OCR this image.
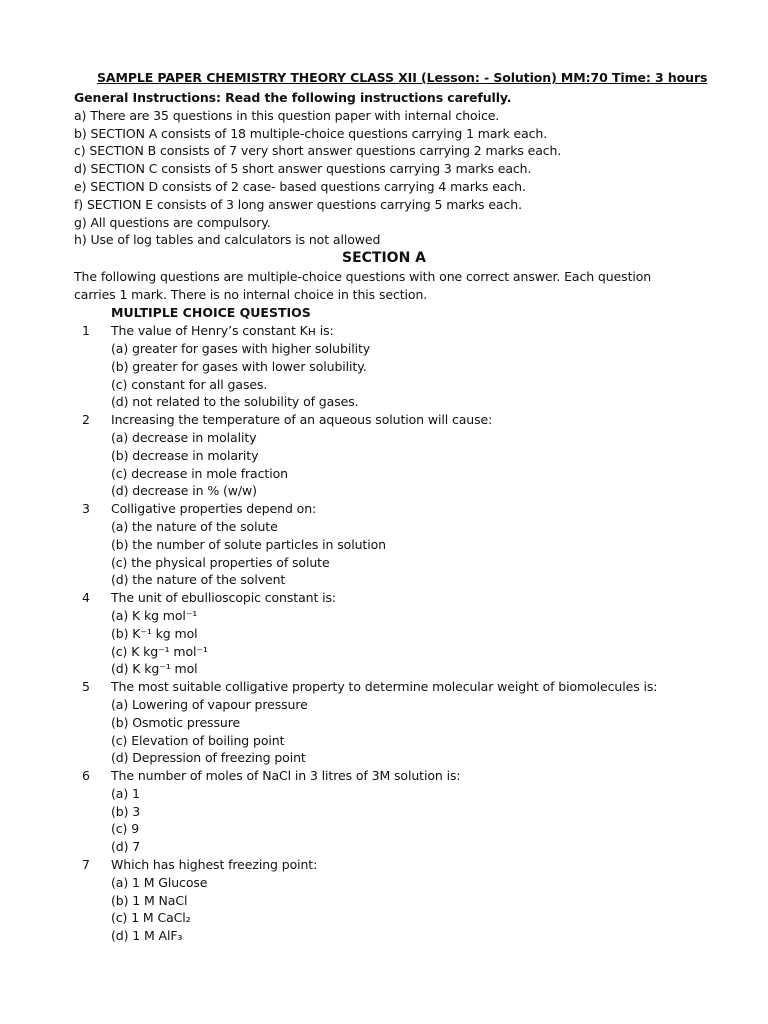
SAMPLE PAPER CHEMISTRY THEORY CLASS XII (Lesson: - Solution) MM:70 Time: 3 hours
General Instructions: Read the following instructions carefully.
a) There are 35 questions in this question paper with internal choice.
b) SECTION A consists of 18 multiple-choice questions carrying 1 mark each.
c) SECTION B consists of 7 very short answer questions carrying 2 marks each.
d) SECTION C consists of 5 short answer questions carrying 3 marks each.
e) SECTION D consists of 2 case- based questions carrying 4 marks each.
f) SECTION E consists of 3 long answer questions carrying 5 marks each.
g) All questions are compulsory.
h) Use of log tables and calculators is not allowed
SECTION A
The following questions are multiple-choice questions with one correct answer. Each question carries 1 mark. There is no internal choice in this section.
MULTIPLE CHOICE QUESTIOS
1	The value of Henry’s constant Kʜ is:
(a) greater for gases with higher solubility
(b) greater for gases with lower solubility.
(c) constant for all gases.
(d) not related to the solubility of gases.
2	Increasing the temperature of an aqueous solution will cause:
(a) decrease in molality
(b) decrease in molarity
(c) decrease in mole fraction
(d) decrease in % (w/w)
3	Colligative properties depend on:
(a) the nature of the solute
(b) the number of solute particles in solution
(c) the physical properties of solute
(d) the nature of the solvent
4	The unit of ebullioscopic constant is:
(a) K kg mol⁻¹
(b) K⁻¹ kg mol
(c) K kg⁻¹ mol⁻¹
(d) K kg⁻¹ mol
5	The most suitable colligative property to determine molecular weight of biomolecules is:
(a) Lowering of vapour pressure
(b) Osmotic pressure
(c) Elevation of boiling point
(d) Depression of freezing point
6	The number of moles of NaCl in 3 litres of 3M solution is:
(a) 1
(b) 3
(c) 9
(d) 7
7	Which has highest freezing point:
(a) 1 M Glucose
(b) 1 M NaCl
(c) 1 M CaCl₂
(d) 1 M AlF₃
